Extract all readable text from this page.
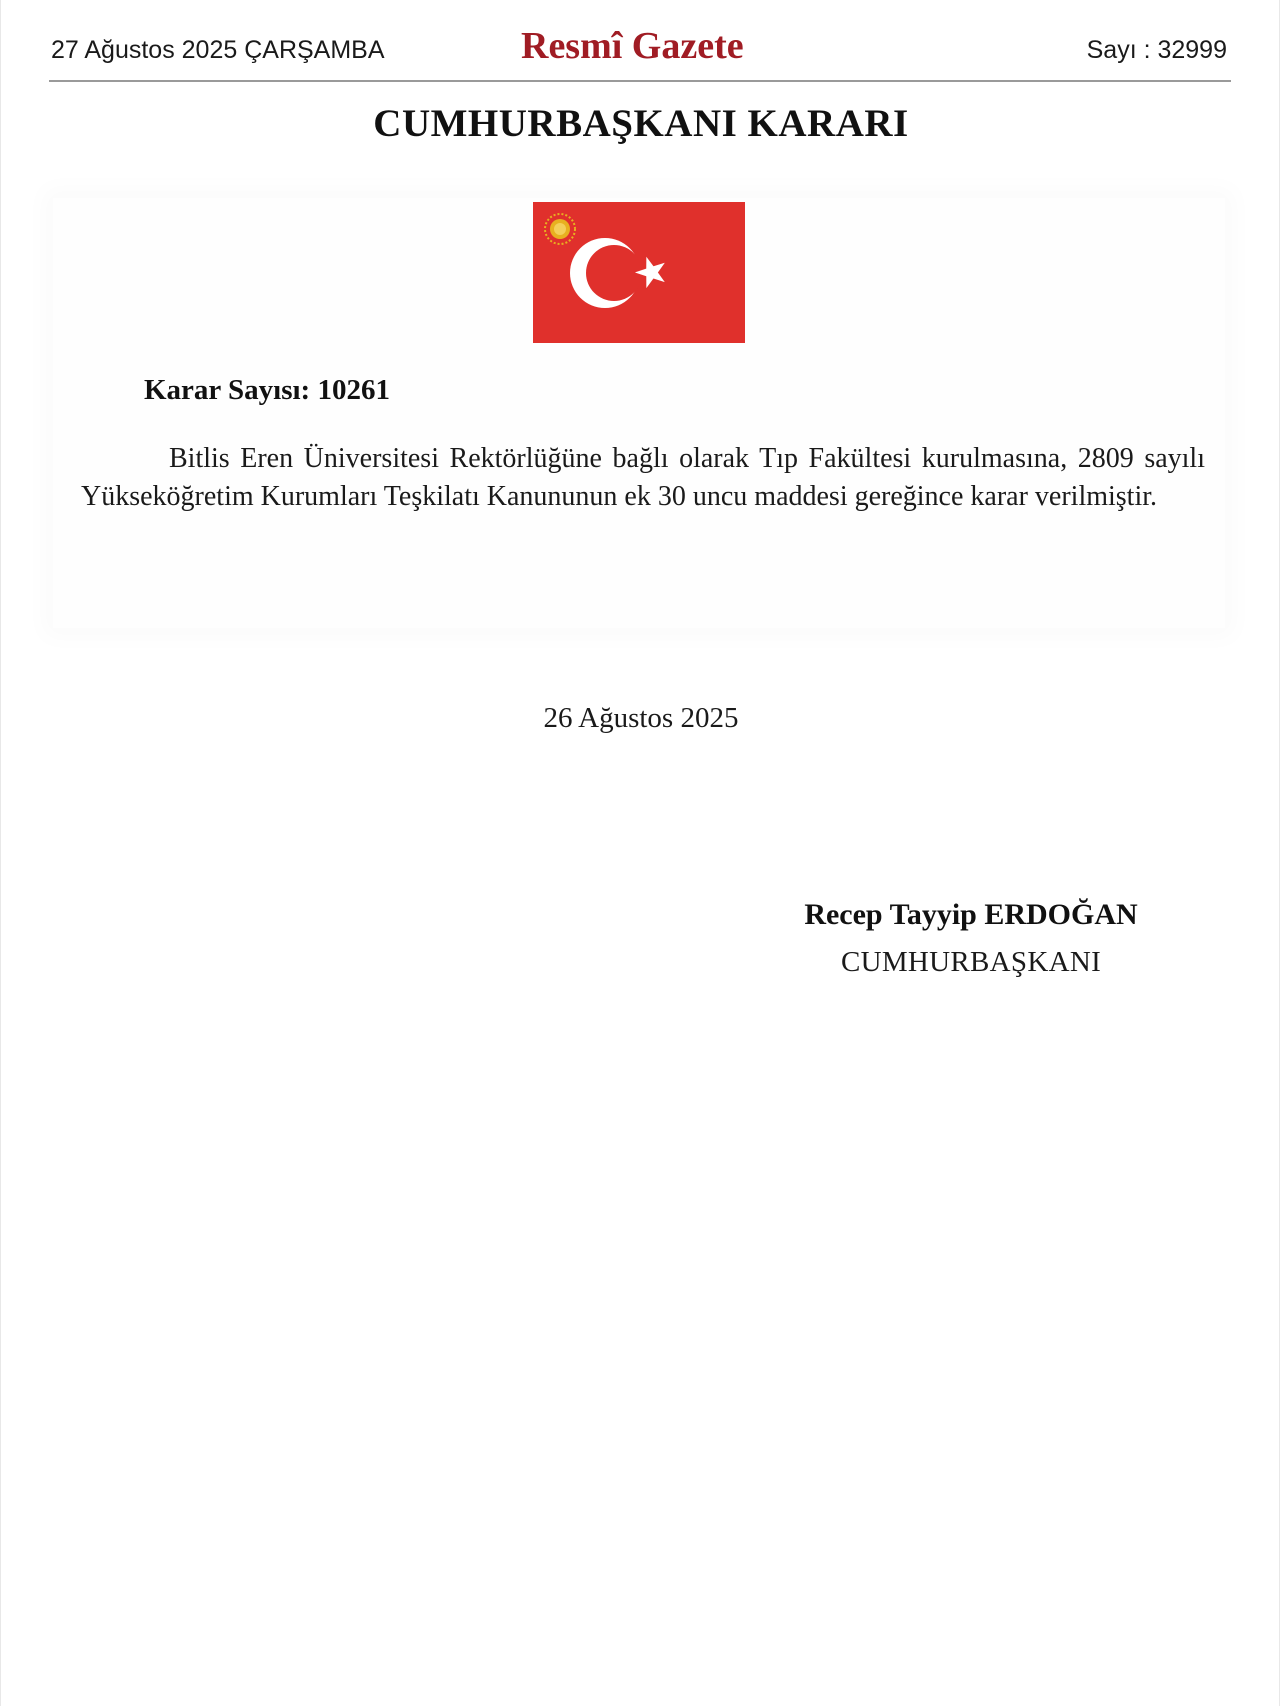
27 Ağustos 2025 ÇARŞAMBA	Resmî Gazete	Sayı : 32999
CUMHURBAŞKANI KARARI
Karar Sayısı: 10261
Bitlis Eren Üniversitesi Rektörlüğüne bağlı olarak Tıp Fakültesi kurulmasına, 2809 sayılı Yükseköğretim Kurumları Teşkilatı Kanununun ek 30 uncu maddesi gereğince karar verilmiştir.
26 Ağustos 2025
Recep Tayyip ERDOĞAN
CUMHURBAŞKANI
